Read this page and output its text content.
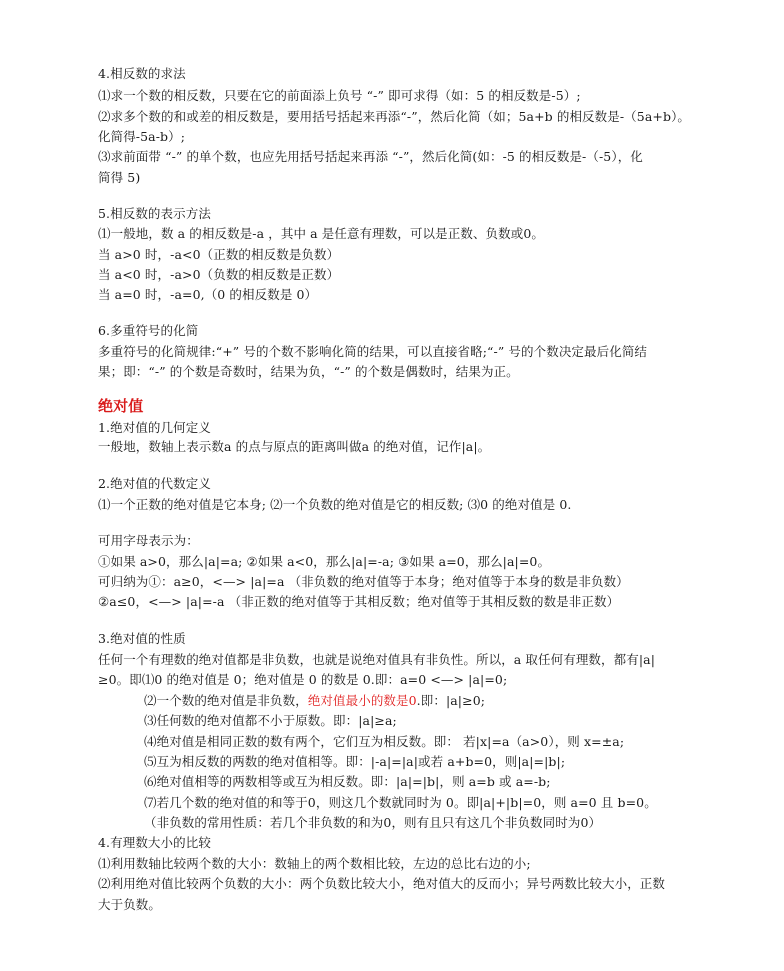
4.相反数的求法
⑴求一个数的相反数，只要在它的前面添上负号 “-” 即可求得（如：5 的相反数是-5）;
⑵求多个数的和或差的相反数是，要用括号括起来再添“-”，然后化简（如；5a+b 的相反数是-（5a+b）。
化简得-5a-b）;
⑶求前面带 “-” 的单个数，也应先用括号括起来再添 “-”，然后化简(如：-5 的相反数是-（-5），化
简得 5)
5.相反数的表示方法
⑴一般地，数 a 的相反数是-a ，其中 a 是任意有理数，可以是正数、负数或0。
当 a>0 时，-a<0（正数的相反数是负数）
当 a<0 时，-a>0（负数的相反数是正数）
当 a=0 时，-a=0,（0 的相反数是 0）
6.多重符号的化简
多重符号的化简规律:“+” 号的个数不影响化简的结果，可以直接省略;“-” 号的个数决定最后化简结
果；即：“-” 的个数是奇数时，结果为负，“-” 的个数是偶数时，结果为正。
绝对值
1.绝对值的几何定义
一般地，数轴上表示数a 的点与原点的距离叫做a 的绝对值，记作|a|。
2.绝对值的代数定义
⑴一个正数的绝对值是它本身; ⑵一个负数的绝对值是它的相反数; ⑶0 的绝对值是 0.
可用字母表示为：
①如果 a>0，那么|a|=a; ②如果 a<0，那么|a|=-a; ③如果 a=0，那么|a|=0。
可归纳为①：a≥0，<—> |a|=a （非负数的绝对值等于本身；绝对值等于本身的数是非负数）
②a≤0，<—> |a|=-a （非正数的绝对值等于其相反数；绝对值等于其相反数的数是非正数）
3.绝对值的性质
任何一个有理数的绝对值都是非负数，也就是说绝对值具有非负性。所以，a 取任何有理数，都有|a|
≥0。即⑴0 的绝对值是 0；绝对值是 0 的数是 0.即：a=0 <—> |a|=0;
⑵一个数的绝对值是非负数，绝对值最小的数是0.即：|a|≥0;
⑶任何数的绝对值都不小于原数。即：|a|≥a;
⑷绝对值是相同正数的数有两个，它们互为相反数。即： 若|x|=a（a>0），则 x=±a;
⑸互为相反数的两数的绝对值相等。即：|-a|=|a|或若 a+b=0，则|a|=|b|;
⑹绝对值相等的两数相等或互为相反数。即：|a|=|b|，则 a=b 或 a=-b;
⑺若几个数的绝对值的和等于0，则这几个数就同时为 0。即|a|+|b|=0，则 a=0 且 b=0。
（非负数的常用性质：若几个非负数的和为0，则有且只有这几个非负数同时为0）
4.有理数大小的比较
⑴利用数轴比较两个数的大小：数轴上的两个数相比较，左边的总比右边的小;
⑵利用绝对值比较两个负数的大小：两个负数比较大小，绝对值大的反而小；异号两数比较大小，正数
大于负数。
